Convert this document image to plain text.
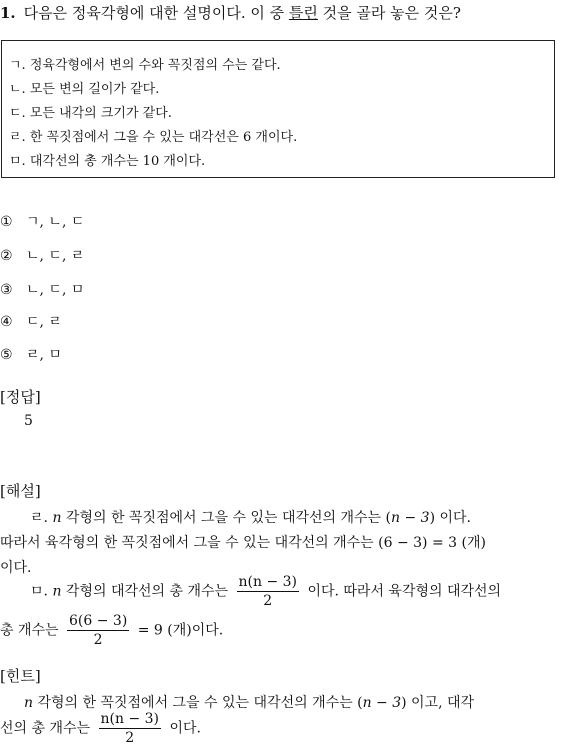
1. 다음은 정육각형에 대한 설명이다. 이 중 틀린 것을 골라 놓은 것은?
ㄱ. 정육각형에서 변의 수와 꼭짓점의 수는 같다.
ㄴ. 모든 변의 길이가 같다.
ㄷ. 모든 내각의 크기가 같다.
ㄹ. 한 꼭짓점에서 그을 수 있는 대각선은 6 개이다.
ㅁ. 대각선의 총 개수는 10 개이다.
① ㄱ, ㄴ, ㄷ
② ㄴ, ㄷ, ㄹ
③ ㄴ, ㄷ, ㅁ
④ ㄷ, ㄹ
⑤ ㄹ, ㅁ
[정답]
5
[해설]
ㄹ. n 각형의 한 꼭짓점에서 그을 수 있는 대각선의 개수는 (n − 3) 이다.
따라서 육각형의 한 꼭짓점에서 그을 수 있는 대각선의 개수는 (6 − 3) = 3 (개)
이다.
ㅁ. n 각형의 대각선의 총 개수는 $\frac{n(n - 3)}{2}$ 이다. 따라서 육각형의 대각선의
총 개수는 $\frac{6(6 - 3)}{2} = 9$ (개)이다.
[힌트]
n 각형의 한 꼭짓점에서 그을 수 있는 대각선의 개수는 (n − 3) 이고, 대각
선의 총 개수는 $\frac{n(n - 3)}{2}$ 이다.
